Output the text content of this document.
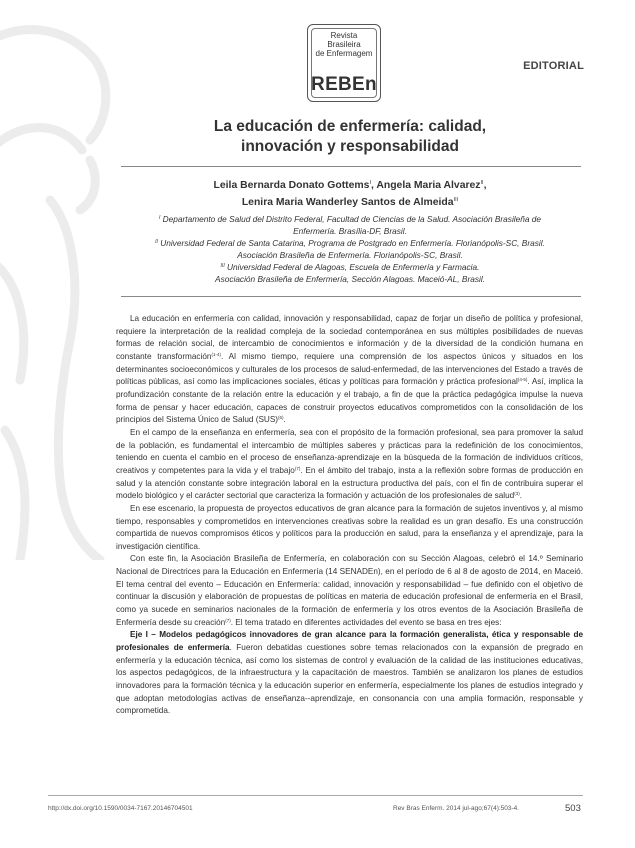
Revista
Brasileira
de Enfermagem
REBEn
EDITORIAL
La educación de enfermería: calidad,
innovación y responsabilidad
Leila Bernarda Donato Gottems$^I$, Angela Maria Alvarez$^{II}$,
Lenira Maria Wanderley Santos de Almeida$^{III}$
$^I$ Departamento de Salud del Distrito Federal, Facultad de Ciencias de la Salud. Asociación Brasileña de
Enfermería. Brasília-DF, Brasil.
$^{II}$ Universidad Federal de Santa Catarina, Programa de Postgrado en Enfermería. Florianópolis-SC, Brasil.
Asociación Brasileña de Enfermería. Florianópolis-SC, Brasil.
$^{III}$ Universidad Federal de Alagoas, Escuela de Enfermería y Farmacia.
Asociación Brasileña de Enfermería, Sección Alagoas. Maceió-AL, Brasil.

La educación en enfermería con calidad, innovación y responsabilidad, capaz de forjar un diseño de política y profesional, requiere la interpretación de la realidad compleja de la sociedad contemporánea en sus múltiples posibilidades de nuevas formas de relación social, de intercambio de conocimientos e información y de la diversidad de la condición humana en constante transformación$^{(1-4)}$. Al mismo tiempo, requiere una comprensión de los aspectos únicos y situados en los determinantes socioeconómicos y culturales de los procesos de salud-enfermedad, de las intervenciones del Estado a través de políticas públicas, así como las implicaciones sociales, éticas y políticas para formación y práctica profesional$^{(4-5)}$. Así, implica la profundización constante de la relación entre la educación y el trabajo, a fin de que la práctica pedagógica impulse la nueva forma de pensar y hacer educación, capaces de construir proyectos educativos comprometidos con la consolidación de los principios del Sistema Único de Salud (SUS)$^{(6)}$.

En el campo de la enseñanza en enfermería, sea con el propósito de la formación profesional, sea para promover la salud de la población, es fundamental el intercambio de múltiples saberes y prácticas para la redefinición de los conocimientos, teniendo en cuenta el cambio en el proceso de enseñanza-aprendizaje en la búsqueda de la formación de individuos críticos, creativos y competentes para la vida y el trabajo$^{(7)}$. En el ámbito del trabajo, insta a la reflexión sobre formas de producción en salud y la atención constante sobre integración laboral en la estructura productiva del país, con el fin de contribuira superar el modelo biológico y el carácter sectorial que caracteriza la formación y actuación de los profesionales de salud$^{(3)}$.

En ese escenario, la propuesta de proyectos educativos de gran alcance para la formación de sujetos inventivos y, al mismo tiempo, responsables y comprometidos en intervenciones creativas sobre la realidad es un gran desafío. Es una construcción compartida de nuevos compromisos éticos y políticos para la producción en salud, para la enseñanza y el aprendizaje, para la investigación científica.

Con este fin, la Asociación Brasileña de Enfermería, en colaboración con su Sección Alagoas, celebró el 14.º Seminario Nacional de Directrices para la Educación en Enfermería (14 SENADEn), en el período de 6 al 8 de agosto de 2014, en Maceió. El tema central del evento – Educación en Enfermería: calidad, innovación y responsabilidad – fue definido con el objetivo de continuar la discusión y elaboración de propuestas de políticas en materia de educación profesional de enfermería en el Brasil, como ya sucede en seminarios nacionales de la formación de enfermería y los otros eventos de la Asociación Brasileña de Enfermería desde su creación$^{(7)}$. El tema tratado en diferentes actividades del evento se basa en tres ejes:

Eje I – Modelos pedagógicos innovadores de gran alcance para la formación generalista, ética y responsable de profesionales de enfermería. Fueron debatidas cuestiones sobre temas relacionados con la expansión de pregrado en enfermería y la educación técnica, así como los sistemas de control y evaluación de la calidad de las instituciones educativas, los aspectos pedagógicos, de la infraestructura y la capacitación de maestros. También se analizaron los planes de estudios innovadores para la formación técnica y la educación superior en enfermería, especialmente los planes de estudios integrado y que adoptan metodologías activas de enseñanza--aprendizaje, en consonancia con una amplia formación, responsable y comprometida.

http://dx.doi.org/10.1590/0034-7167.20146704501	Rev Bras Enferm. 2014 jul-ago;67(4):503-4.	503
